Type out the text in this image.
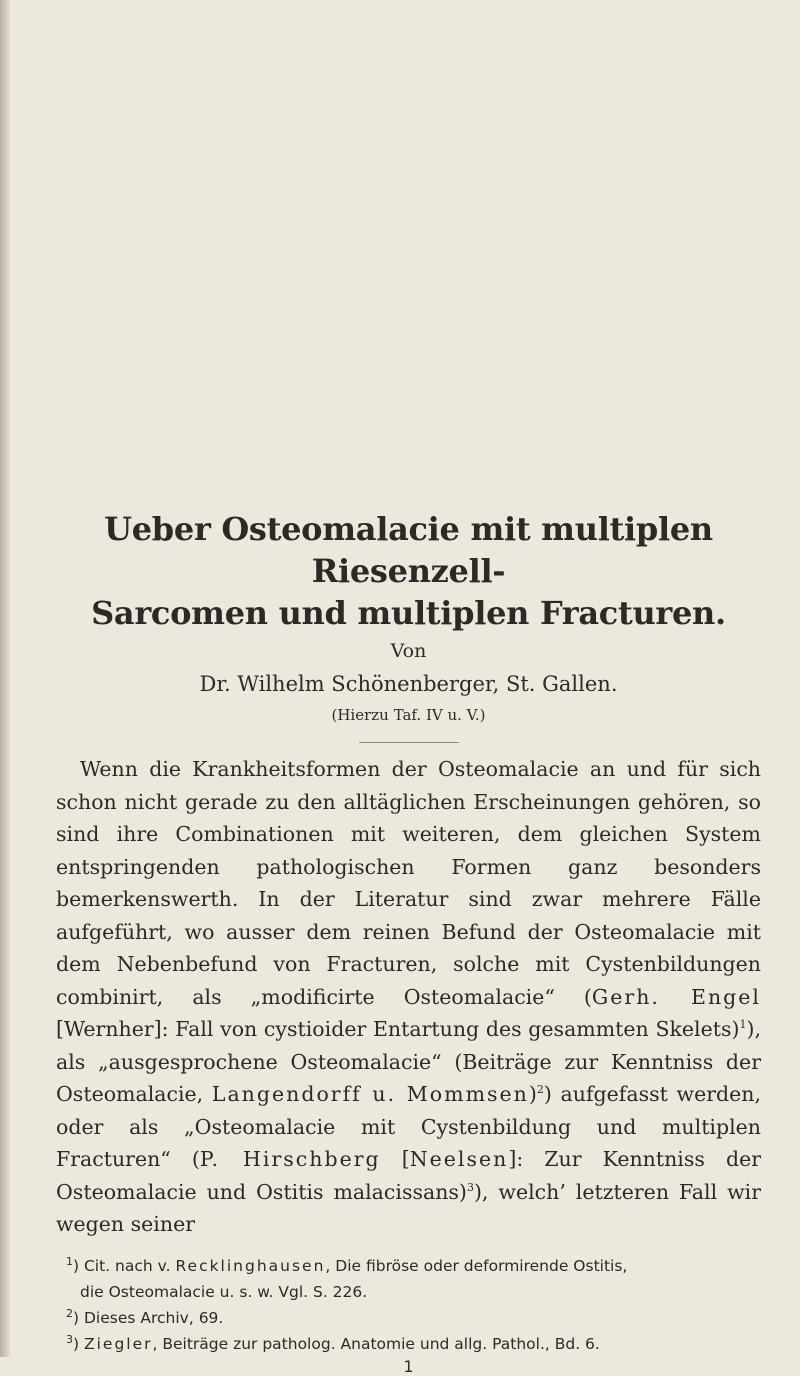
Ueber Osteomalacie mit multiplen Riesenzell-
Sarcomen und multiplen Fracturen.
Von
Dr. Wilhelm Schönenberger, St. Gallen.
(Hierzu Taf. IV u. V.)

Wenn die Krankheitsformen der Osteomalacie an und für sich schon nicht gerade zu den alltäglichen Erscheinungen gehören, so sind ihre Combinationen mit weiteren, dem gleichen System entspringenden pathologischen Formen ganz besonders bemerkenswerth. In der Literatur sind zwar mehrere Fälle aufgeführt, wo ausser dem reinen Befund der Osteomalacie mit dem Nebenbefund von Fracturen, solche mit Cystenbildungen combinirt, als „modificirte Osteomalacie“ (Gerh. Engel [Wernher]: Fall von cystioider Entartung des gesammten Skelets)$^1$), als „ausgesprochene Osteomalacie“ (Beiträge zur Kenntniss der Osteomalacie, Langendorff u. Mommsen)$^2$) aufgefasst werden, oder als „Osteomalacie mit Cystenbildung und multiplen Fracturen“ (P. Hirschberg [Neelsen]: Zur Kenntniss der Osteomalacie und Ostitis malacissans)$^3$), welch’ letzteren Fall wir wegen seiner

$^1$) Cit. nach v. Recklinghausen, Die fibröse oder deformirende Ostitis,
die Osteomalacie u. s. w. Vgl. S. 226.
$^2$) Dieses Archiv, 69.
$^3$) Ziegler, Beiträge zur patholog. Anatomie und allg. Pathol., Bd. 6.
1
